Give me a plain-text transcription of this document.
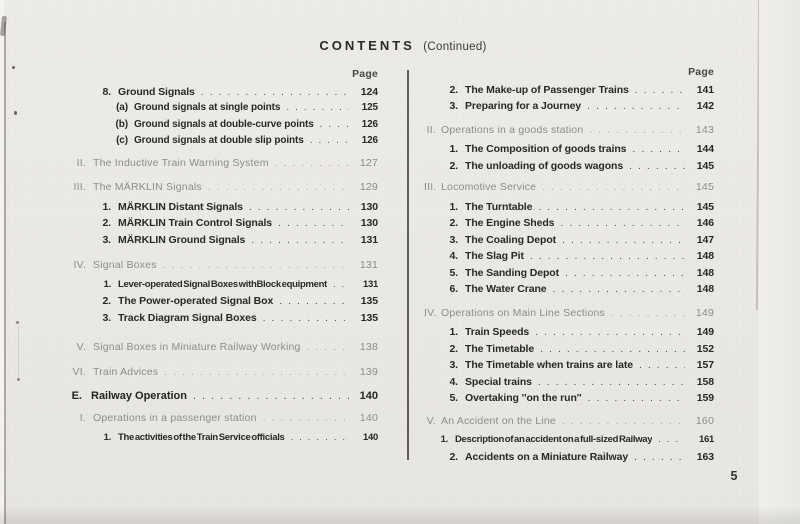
CONTENTS (Continued)
Page
8. Ground Signals .....	124
(a) Ground signals at single points .....	125
(b) Ground signals at double-curve points .....	126
(c) Ground signals at double slip points .....	126
II. The Inductive Train Warning System .....	127
III. The MÄRKLIN Signals .....	129
1. MÄRKLIN Distant Signals .....	130
2. MÄRKLIN Train Control Signals .....	130
3. MÄRKLIN Ground Signals .....	131
IV. Signal Boxes .....	131
1. Lever-operated Signal Boxes withBlock equipment .....	131
2. The Power-operated Signal Box .....	135
3. Track Diagram Signal Boxes .....	135
V. Signal Boxes in Miniature Railway Working .....	138
VI. Train Advices .....	139
E. Railway Operation .....	140
I. Operations in a passenger station .....	140
1. The activities of the Train Service officials .....	140
Page
2. The Make-up of Passenger Trains .....	141
3. Preparing for a Journey .....	142
II. Operations in a goods station .....	143
1. The Composition of goods trains .....	144
2. The unloading of goods wagons .....	145
III. Locomotive Service .....	145
1. The Turntable .....	145
2. The Engine Sheds .....	146
3. The Coaling Depot .....	147
4. The Slag Pit .....	148
5. The Sanding Depot .....	148
6. The Water Crane .....	148
IV. Operations on Main Line Sections .....	149
1. Train Speeds .....	149
2. The Timetable .....	152
3. The Timetable when trains are late .....	157
4. Special trains .....	158
5. Overtaking ''on the run'' .....	159
V. An Accident on the Line .....	160
1. Description of an accident on a full-sized Railway .....	161
2. Accidents on a Miniature Railway .....	163
5
